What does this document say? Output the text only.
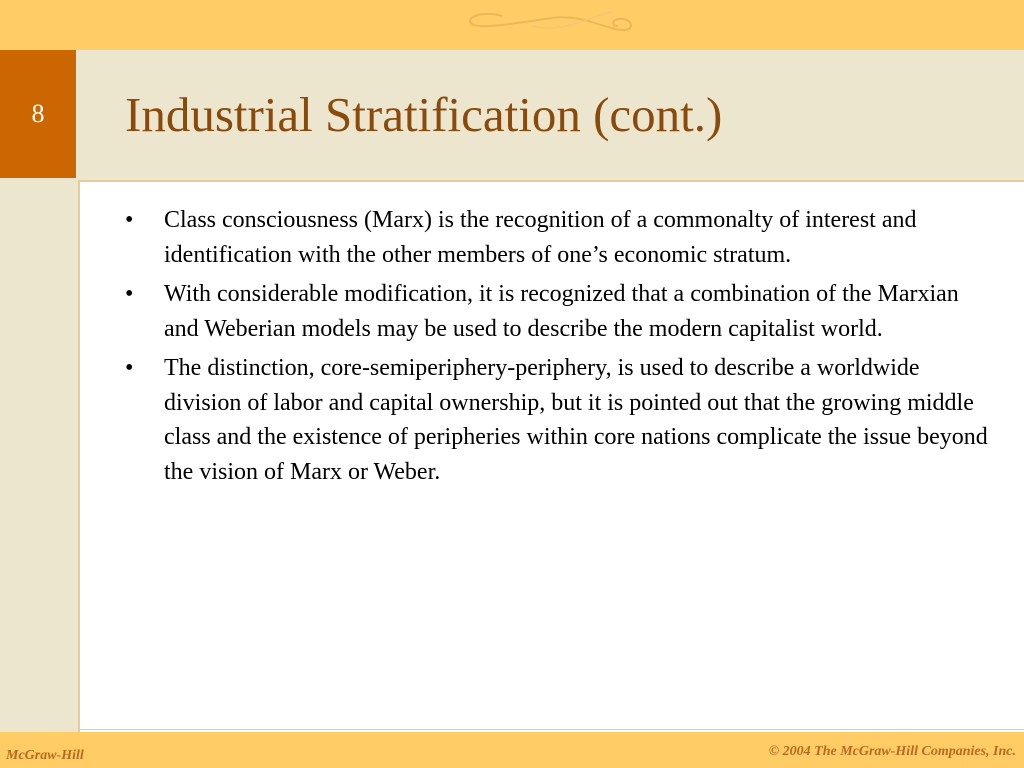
8	Industrial Stratification (cont.)
• Class consciousness (Marx) is the recognition of a commonalty of interest and identification with the other members of one’s economic stratum.
• With considerable modification, it is recognized that a combination of the Marxian and Weberian models may be used to describe the modern capitalist world.
• The distinction, core-semiperiphery-periphery, is used to describe a worldwide division of labor and capital ownership, but it is pointed out that the growing middle class and the existence of peripheries within core nations complicate the issue beyond the vision of Marx or Weber.
McGraw-Hill	© 2004 The McGraw-Hill Companies, Inc.
